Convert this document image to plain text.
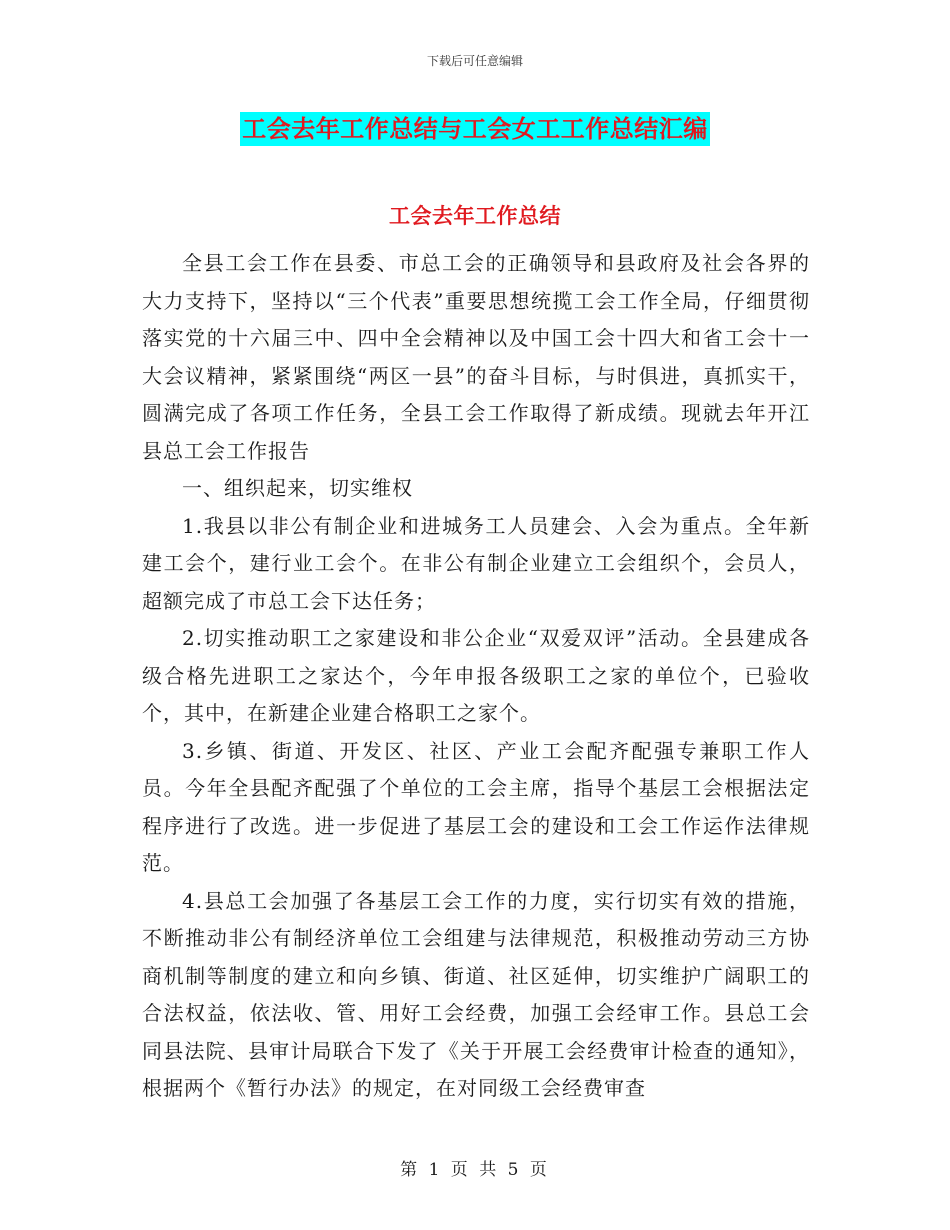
下载后可任意编辑
工会去年工作总结与工会女工工作总结汇编
工会去年工作总结

全县工会工作在县委、市总工会的正确领导和县政府及社会各界的大力支持下，坚持以“三个代表”重要思想统揽工会工作全局，仔细贯彻落实党的十六届三中、四中全会精神以及中国工会十四大和省工会十一大会议精神，紧紧围绕“两区一县”的奋斗目标，与时俱进，真抓实干，圆满完成了各项工作任务，全县工会工作取得了新成绩。现就去年开江县总工会工作报告

一、组织起来，切实维权

1.我县以非公有制企业和进城务工人员建会、入会为重点。全年新建工会个，建行业工会个。在非公有制企业建立工会组织个，会员人，超额完成了市总工会下达任务；

2.切实推动职工之家建设和非公企业“双爱双评”活动。全县建成各级合格先进职工之家达个，今年申报各级职工之家的单位个，已验收个，其中，在新建企业建合格职工之家个。

3.乡镇、街道、开发区、社区、产业工会配齐配强专兼职工作人员。今年全县配齐配强了个单位的工会主席，指导个基层工会根据法定程序进行了改选。进一步促进了基层工会的建设和工会工作运作法律规范。

4.县总工会加强了各基层工会工作的力度，实行切实有效的措施，不断推动非公有制经济单位工会组建与法律规范，积极推动劳动三方协商机制等制度的建立和向乡镇、街道、社区延伸，切实维护广阔职工的合法权益，依法收、管、用好工会经费，加强工会经审工作。县总工会同县法院、县审计局联合下发了《关于开展工会经费审计检查的通知》，根据两个《暂行办法》的规定，在对同级工会经费审查

第 1 页 共 5 页
